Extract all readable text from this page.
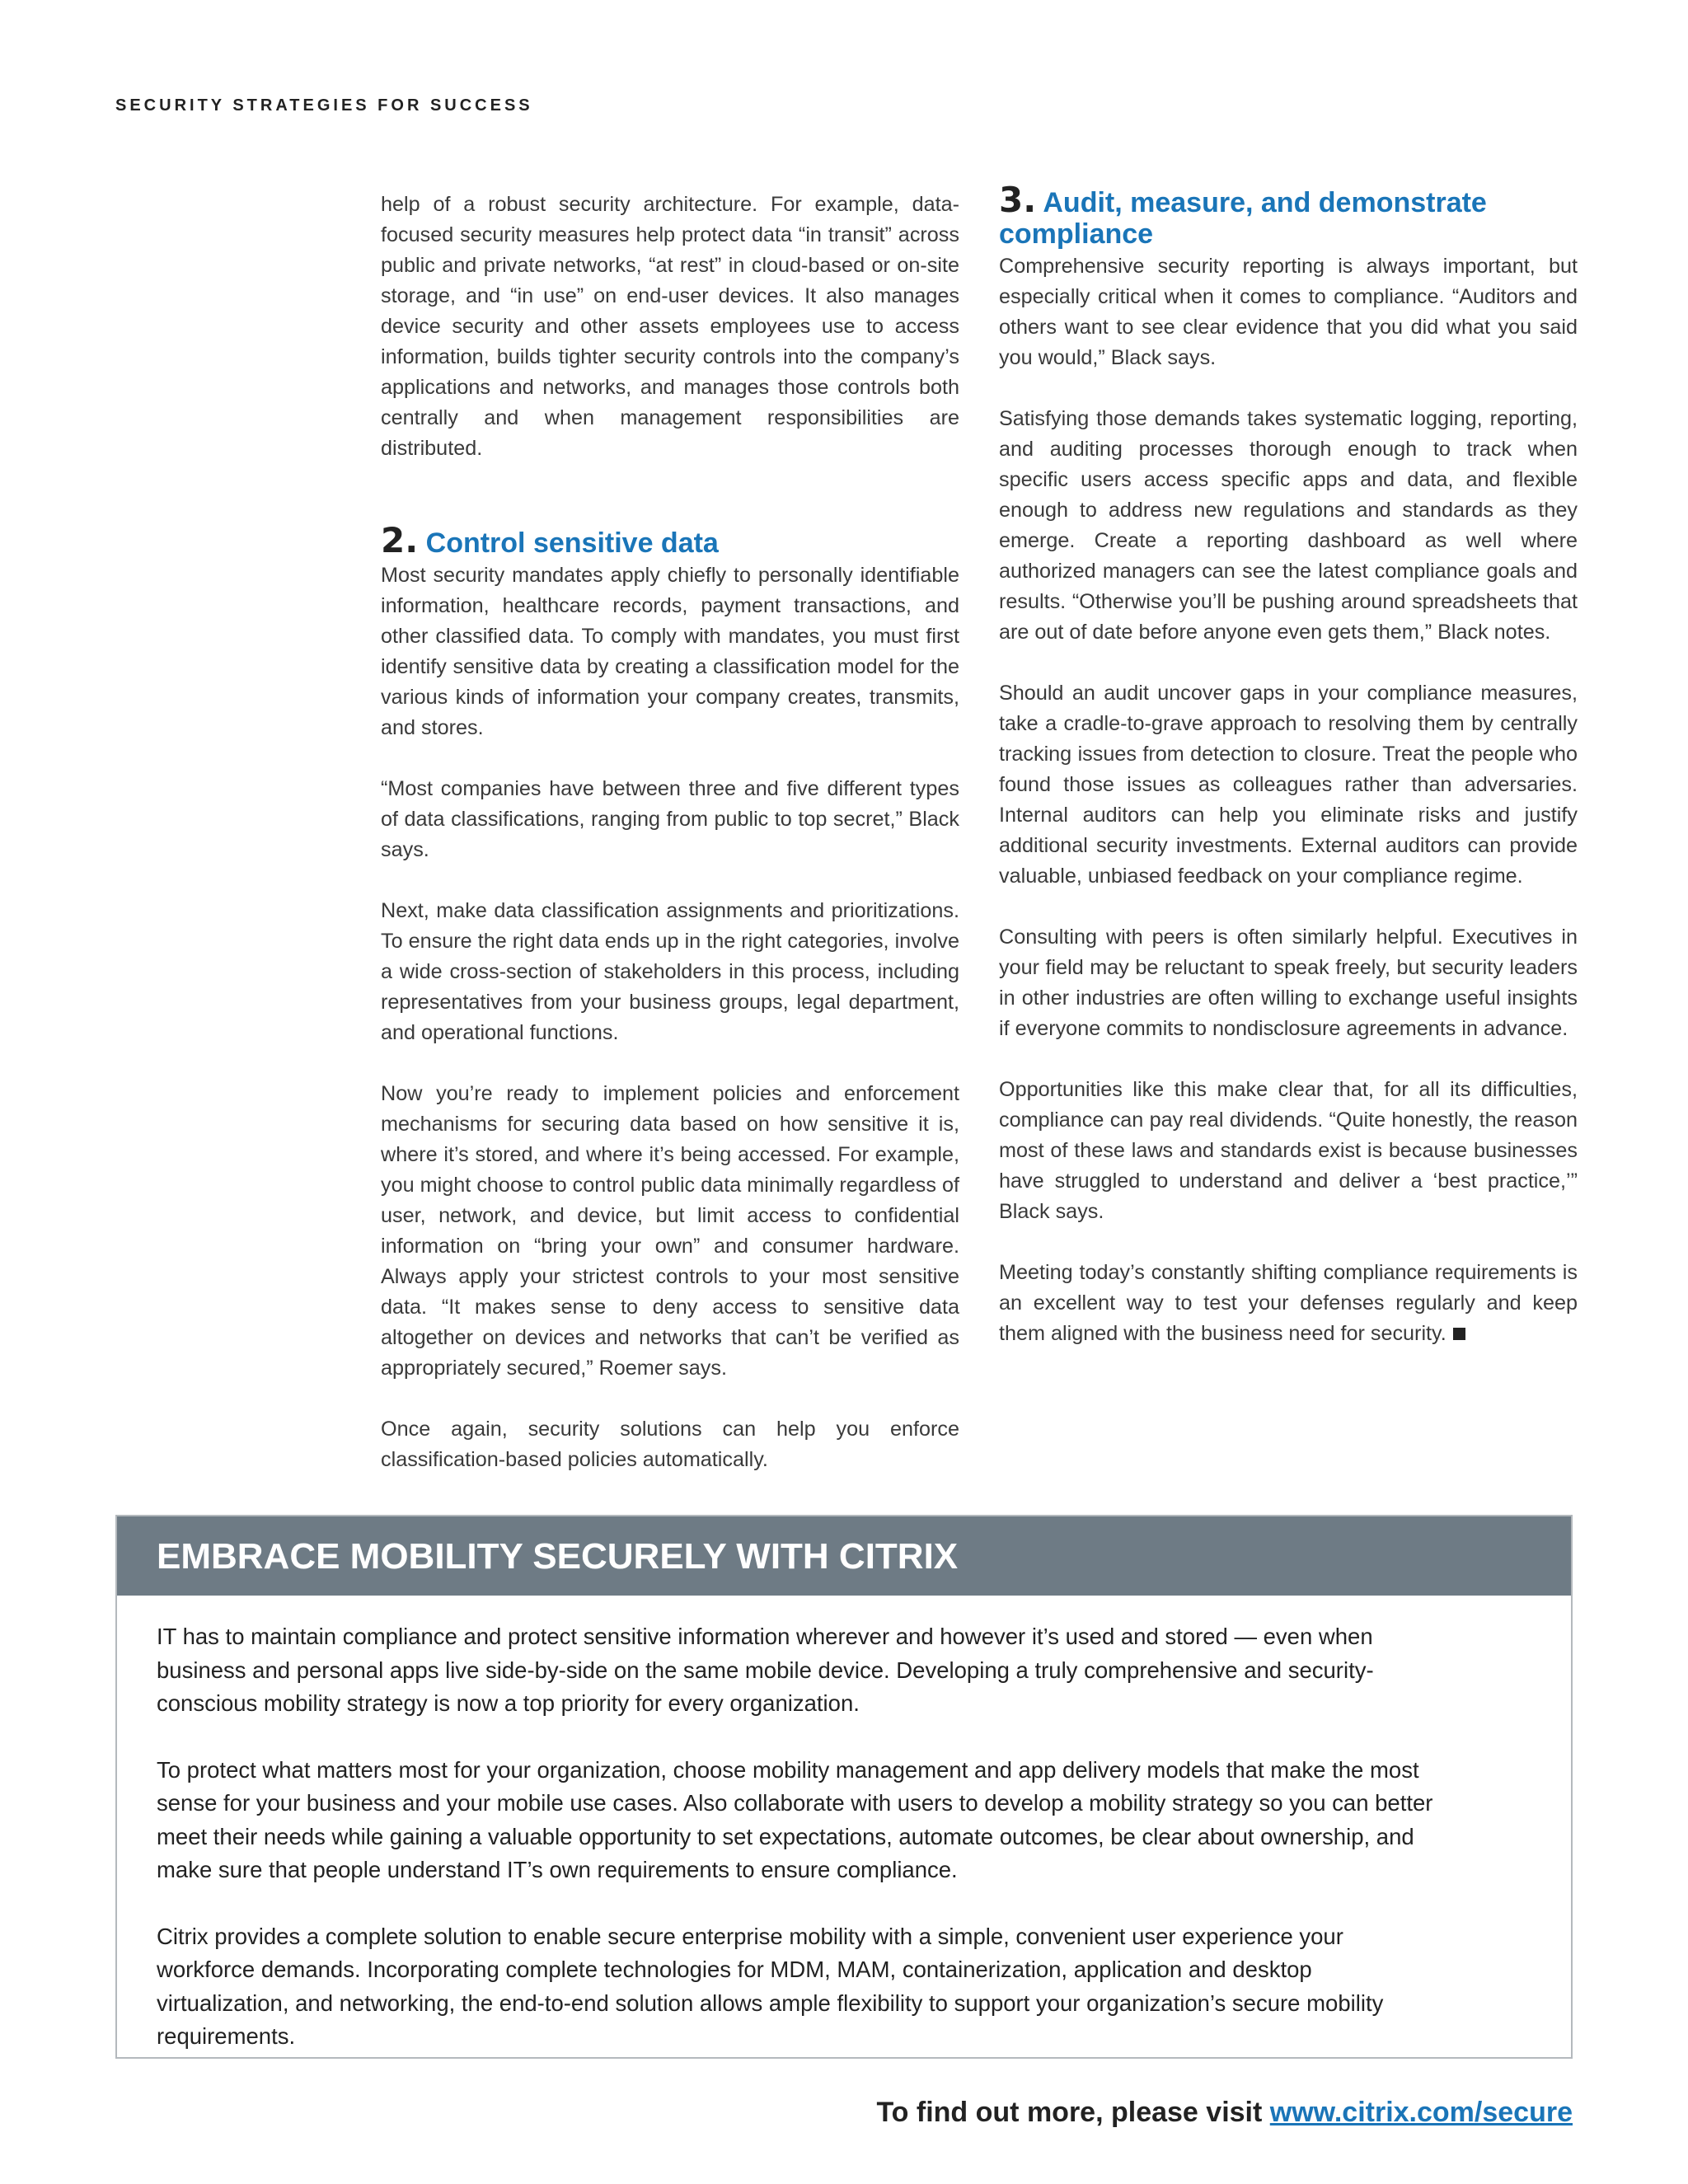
SECURITY STRATEGIES FOR SUCCESS

help of a robust security architecture. For example, data-focused security measures help protect data “in transit” across public and private networks, “at rest” in cloud-based or on-site storage, and “in use” on end-user devices. It also manages device security and other assets employees use to access information, builds tighter security controls into the company’s applications and networks, and manages those controls both centrally and when management responsibilities are distributed.

2. Control sensitive data

Most security mandates apply chiefly to personally identifiable information, healthcare records, payment transactions, and other classified data. To comply with mandates, you must first identify sensitive data by creating a classification model for the various kinds of information your company creates, transmits, and stores.

“Most companies have between three and five different types of data classifications, ranging from public to top secret,” Black says.

Next, make data classification assignments and prioritizations. To ensure the right data ends up in the right categories, involve a wide cross-section of stakeholders in this process, including representatives from your business groups, legal department, and operational functions.

Now you’re ready to implement policies and enforcement mechanisms for securing data based on how sensitive it is, where it’s stored, and where it’s being accessed. For example, you might choose to control public data minimally regardless of user, network, and device, but limit access to confidential information on “bring your own” and consumer hardware. Always apply your strictest controls to your most sensitive data. “It makes sense to deny access to sensitive data altogether on devices and networks that can’t be verified as appropriately secured,” Roemer says.

Once again, security solutions can help you enforce classification-based policies automatically.

3. Audit, measure, and demonstrate compliance

Comprehensive security reporting is always important, but especially critical when it comes to compliance. “Auditors and others want to see clear evidence that you did what you said you would,” Black says.

Satisfying those demands takes systematic logging, reporting, and auditing processes thorough enough to track when specific users access specific apps and data, and flexible enough to address new regulations and standards as they emerge. Create a reporting dashboard as well where authorized managers can see the latest compliance goals and results. “Otherwise you’ll be pushing around spreadsheets that are out of date before anyone even gets them,” Black notes.

Should an audit uncover gaps in your compliance measures, take a cradle-to-grave approach to resolving them by centrally tracking issues from detection to closure. Treat the people who found those issues as colleagues rather than adversaries. Internal auditors can help you eliminate risks and justify additional security investments. External auditors can provide valuable, unbiased feedback on your compliance regime.

Consulting with peers is often similarly helpful. Executives in your field may be reluctant to speak freely, but security leaders in other industries are often willing to exchange useful insights if everyone commits to nondisclosure agreements in advance.

Opportunities like this make clear that, for all its difficulties, compliance can pay real dividends. “Quite honestly, the reason most of these laws and standards exist is because businesses have struggled to understand and deliver a ‘best practice,’” Black says.

Meeting today’s constantly shifting compliance requirements is an excellent way to test your defenses regularly and keep them aligned with the business need for security.

EMBRACE MOBILITY SECURELY WITH CITRIX

IT has to maintain compliance and protect sensitive information wherever and however it’s used and stored — even when business and personal apps live side-by-side on the same mobile device. Developing a truly comprehensive and security-conscious mobility strategy is now a top priority for every organization.

To protect what matters most for your organization, choose mobility management and app delivery models that make the most sense for your business and your mobile use cases. Also collaborate with users to develop a mobility strategy so you can better meet their needs while gaining a valuable opportunity to set expectations, automate outcomes, be clear about ownership, and make sure that people understand IT’s own requirements to ensure compliance.

Citrix provides a complete solution to enable secure enterprise mobility with a simple, convenient user experience your workforce demands. Incorporating complete technologies for MDM, MAM, containerization, application and desktop virtualization, and networking, the end-to-end solution allows ample flexibility to support your organization’s secure mobility requirements.

To find out more, please visit www.citrix.com/secure
